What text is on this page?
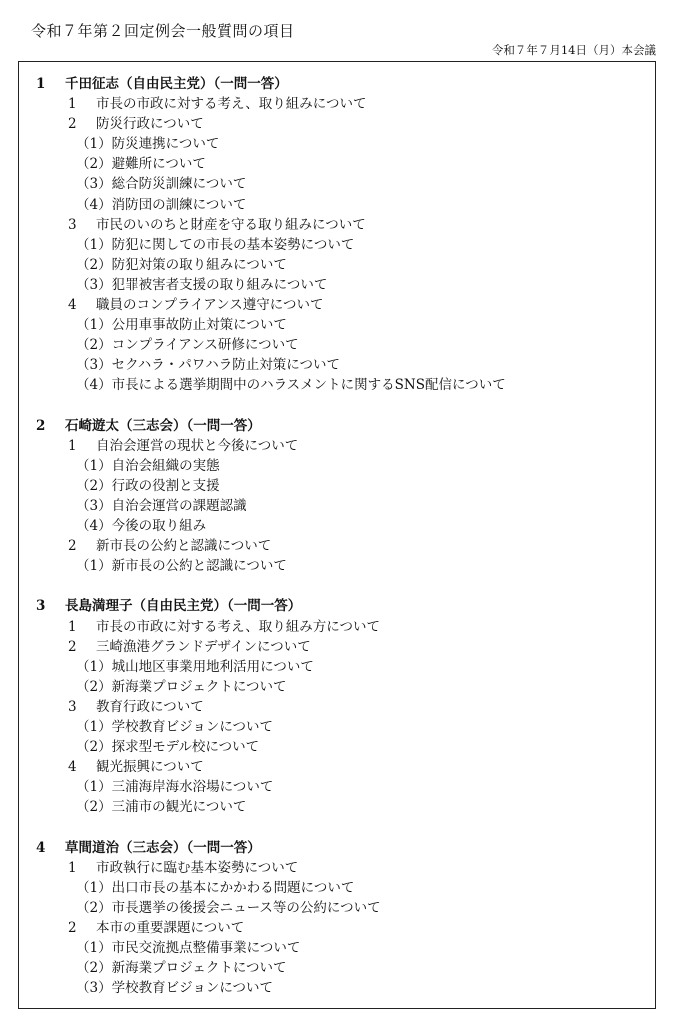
令和７年第２回定例会一般質問の項目
令和７年７月14日（月）本会議
1 千田征志（自由民主党）（一問一答）
1 市長の市政に対する考え、取り組みについて
2 防災行政について
（1）防災連携について
（2）避難所について
（3）総合防災訓練について
（4）消防団の訓練について
3 市民のいのちと財産を守る取り組みについて
（1）防犯に関しての市長の基本姿勢について
（2）防犯対策の取り組みについて
（3）犯罪被害者支援の取り組みについて
4 職員のコンプライアンス遵守について
（1）公用車事故防止対策について
（2）コンプライアンス研修について
（3）セクハラ・パワハラ防止対策について
（4）市長による選挙期間中のハラスメントに関するSNS配信について
2 石崎遊太（三志会）（一問一答）
1 自治会運営の現状と今後について
（1）自治会組織の実態
（2）行政の役割と支援
（3）自治会運営の課題認識
（4）今後の取り組み
2 新市長の公約と認識について
（1）新市長の公約と認識について
3 長島満理子（自由民主党）（一問一答）
1 市長の市政に対する考え、取り組み方について
2 三崎漁港グランドデザインについて
（1）城山地区事業用地利活用について
（2）新海業プロジェクトについて
3 教育行政について
（1）学校教育ビジョンについて
（2）探求型モデル校について
4 観光振興について
（1）三浦海岸海水浴場について
（2）三浦市の観光について
4 草間道治（三志会）（一問一答）
1 市政執行に臨む基本姿勢について
（1）出口市長の基本にかかわる問題について
（2）市長選挙の後援会ニュース等の公約について
2 本市の重要課題について
（1）市民交流拠点整備事業について
（2）新海業プロジェクトについて
（3）学校教育ビジョンについて
